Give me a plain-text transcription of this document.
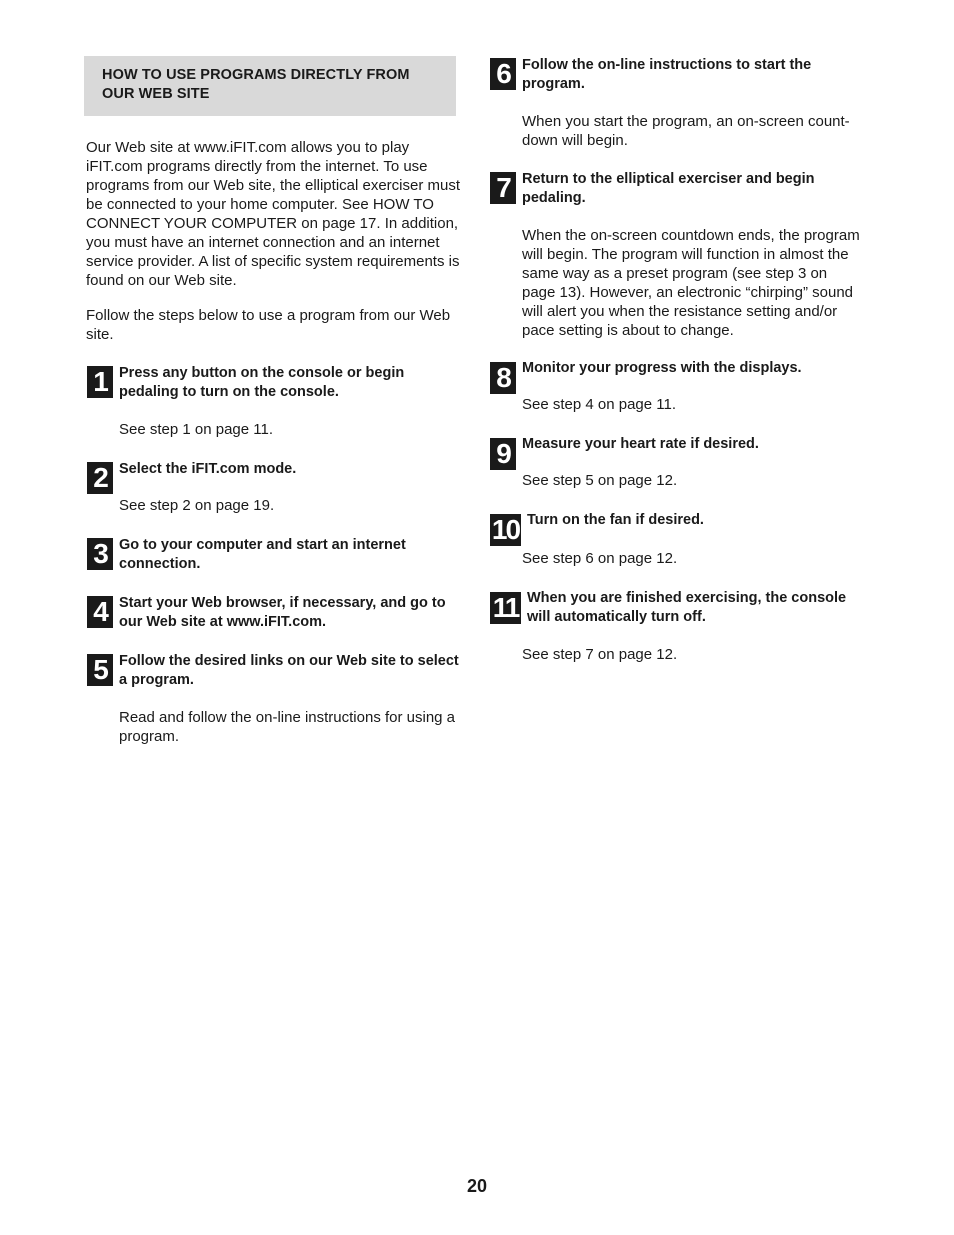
HOW TO USE PROGRAMS DIRECTLY FROM
OUR WEB SITE

Our Web site at www.iFIT.com allows you to play iFIT.com programs directly from the internet. To use programs from our Web site, the elliptical exerciser must be connected to your home computer. See HOW TO CONNECT YOUR COMPUTER on page 17. In addition, you must have an internet connection and an internet service provider. A list of specific system requirements is found on our Web site.

Follow the steps below to use a program from our Web site.

1 Press any button on the console or begin pedaling to turn on the console.

See step 1 on page 11.

2 Select the iFIT.com mode.

See step 2 on page 19.

3 Go to your computer and start an internet connection.

4 Start your Web browser, if necessary, and go to our Web site at www.iFIT.com.

5 Follow the desired links on our Web site to select a program.

Read and follow the on-line instructions for using a program.

6 Follow the on-line instructions to start the program.

When you start the program, an on-screen count-down will begin.

7 Return to the elliptical exerciser and begin pedaling.

When the on-screen countdown ends, the program will begin. The program will function in almost the same way as a preset program (see step 3 on page 13). However, an electronic “chirping” sound will alert you when the resistance setting and/or pace setting is about to change.

8 Monitor your progress with the displays.

See step 4 on page 11.

9 Measure your heart rate if desired.

See step 5 on page 12.

10 Turn on the fan if desired.

See step 6 on page 12.

11 When you are finished exercising, the console will automatically turn off.

See step 7 on page 12.

20
